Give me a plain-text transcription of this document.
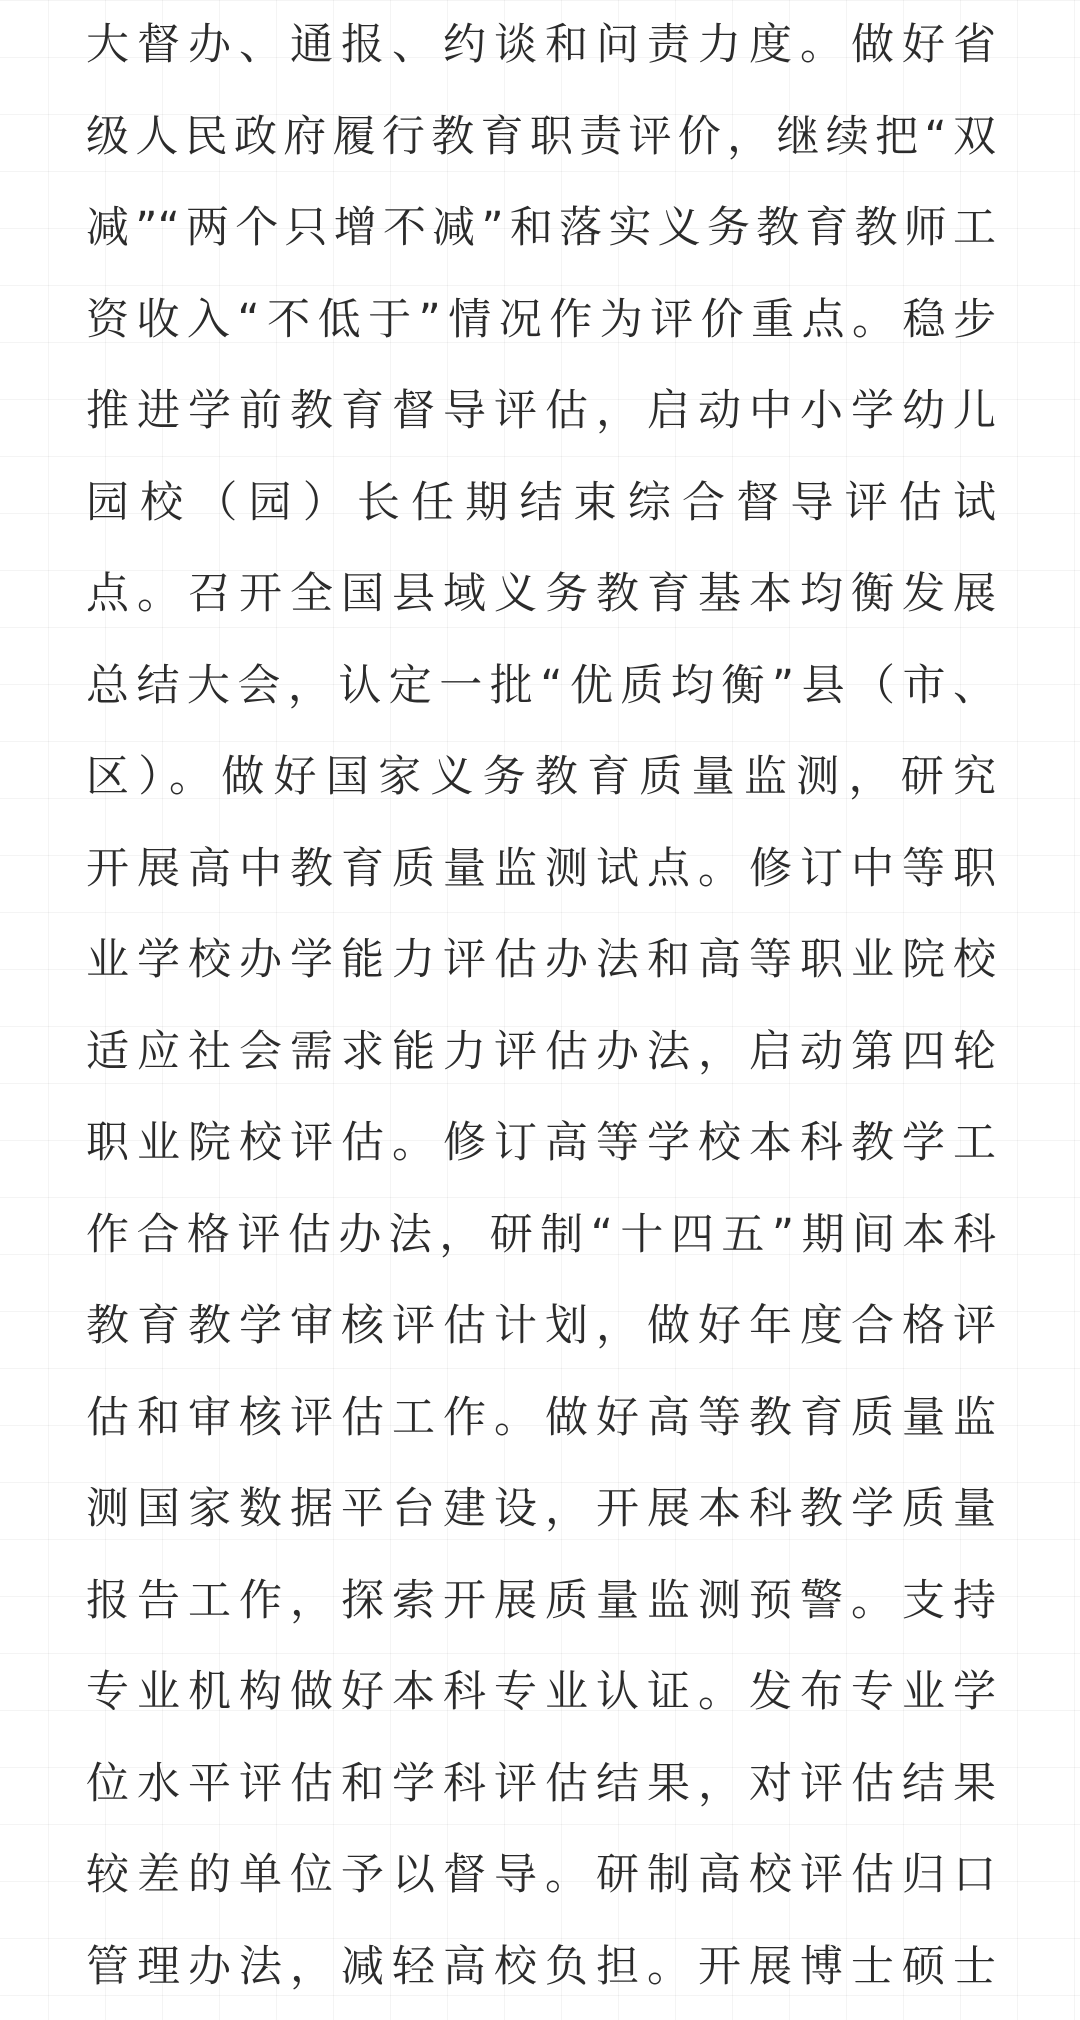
大督办、通报、约谈和问责力度。做好省
级人民政府履行教育职责评价，继续把“双
减”“两个只增不减”和落实义务教育教师工
资收入“不低于”情况作为评价重点。稳步
推进学前教育督导评估，启动中小学幼儿
园校（园）长任期结束综合督导评估试
点。召开全国县域义务教育基本均衡发展
总结大会，认定一批“优质均衡”县（市、
区）。做好国家义务教育质量监测，研究
开展高中教育质量监测试点。修订中等职
业学校办学能力评估办法和高等职业院校
适应社会需求能力评估办法，启动第四轮
职业院校评估。修订高等学校本科教学工
作合格评估办法，研制“十四五”期间本科
教育教学审核评估计划，做好年度合格评
估和审核评估工作。做好高等教育质量监
测国家数据平台建设，开展本科教学质量
报告工作，探索开展质量监测预警。支持
专业机构做好本科专业认证。发布专业学
位水平评估和学科评估结果，对评估结果
较差的单位予以督导。研制高校评估归口
管理办法，减轻高校负担。开展博士硕士
